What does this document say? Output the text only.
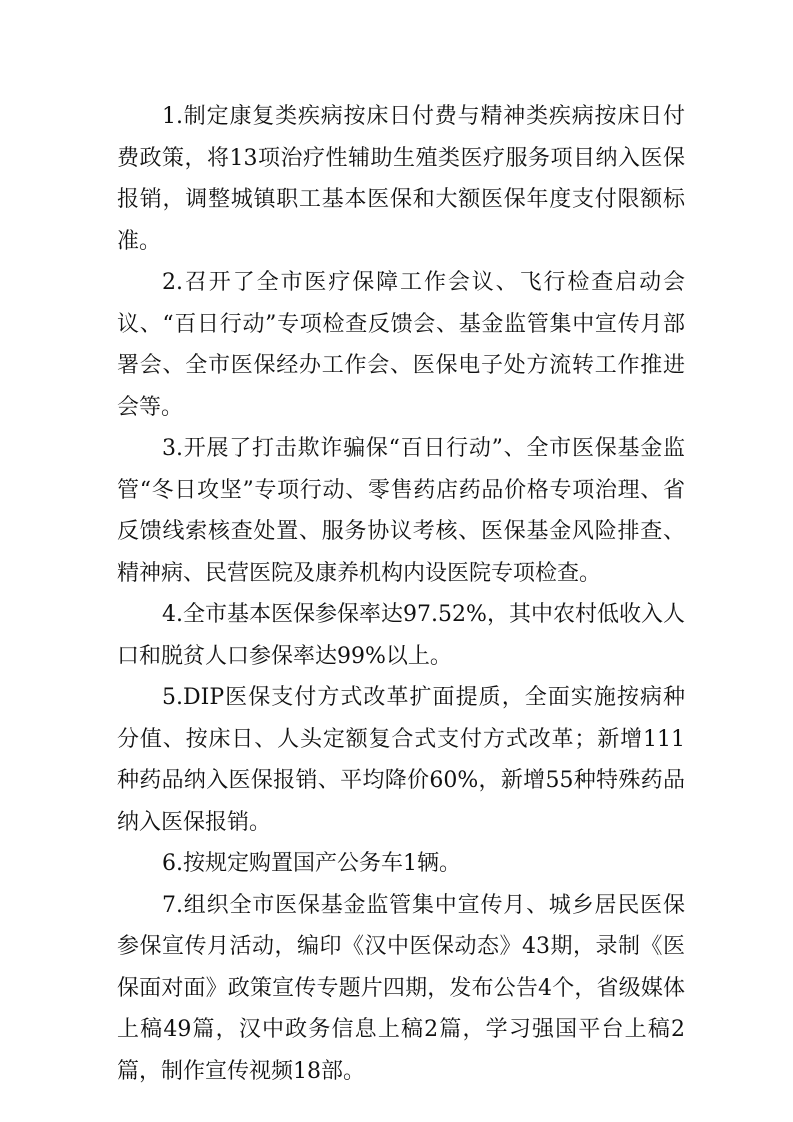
1.制定康复类疾病按床日付费与精神类疾病按床日付费政策，将13项治疗性辅助生殖类医疗服务项目纳入医保报销，调整城镇职工基本医保和大额医保年度支付限额标准。

2.召开了全市医疗保障工作会议、飞行检查启动会议、“百日行动”专项检查反馈会、基金监管集中宣传月部署会、全市医保经办工作会、医保电子处方流转工作推进会等。

3.开展了打击欺诈骗保“百日行动”、全市医保基金监管“冬日攻坚”专项行动、零售药店药品价格专项治理、省反馈线索核查处置、服务协议考核、医保基金风险排查、精神病、民营医院及康养机构内设医院专项检查。

4.全市基本医保参保率达97.52%，其中农村低收入人口和脱贫人口参保率达99%以上。

5.DIP医保支付方式改革扩面提质，全面实施按病种分值、按床日、人头定额复合式支付方式改革；新增111种药品纳入医保报销、平均降价60%，新增55种特殊药品纳入医保报销。

6.按规定购置国产公务车1辆。

7.组织全市医保基金监管集中宣传月、城乡居民医保参保宣传月活动，编印《汉中医保动态》43期，录制《医保面对面》政策宣传专题片四期，发布公告4个，省级媒体上稿49篇，汉中政务信息上稿2篇，学习强国平台上稿2篇，制作宣传视频18部。
